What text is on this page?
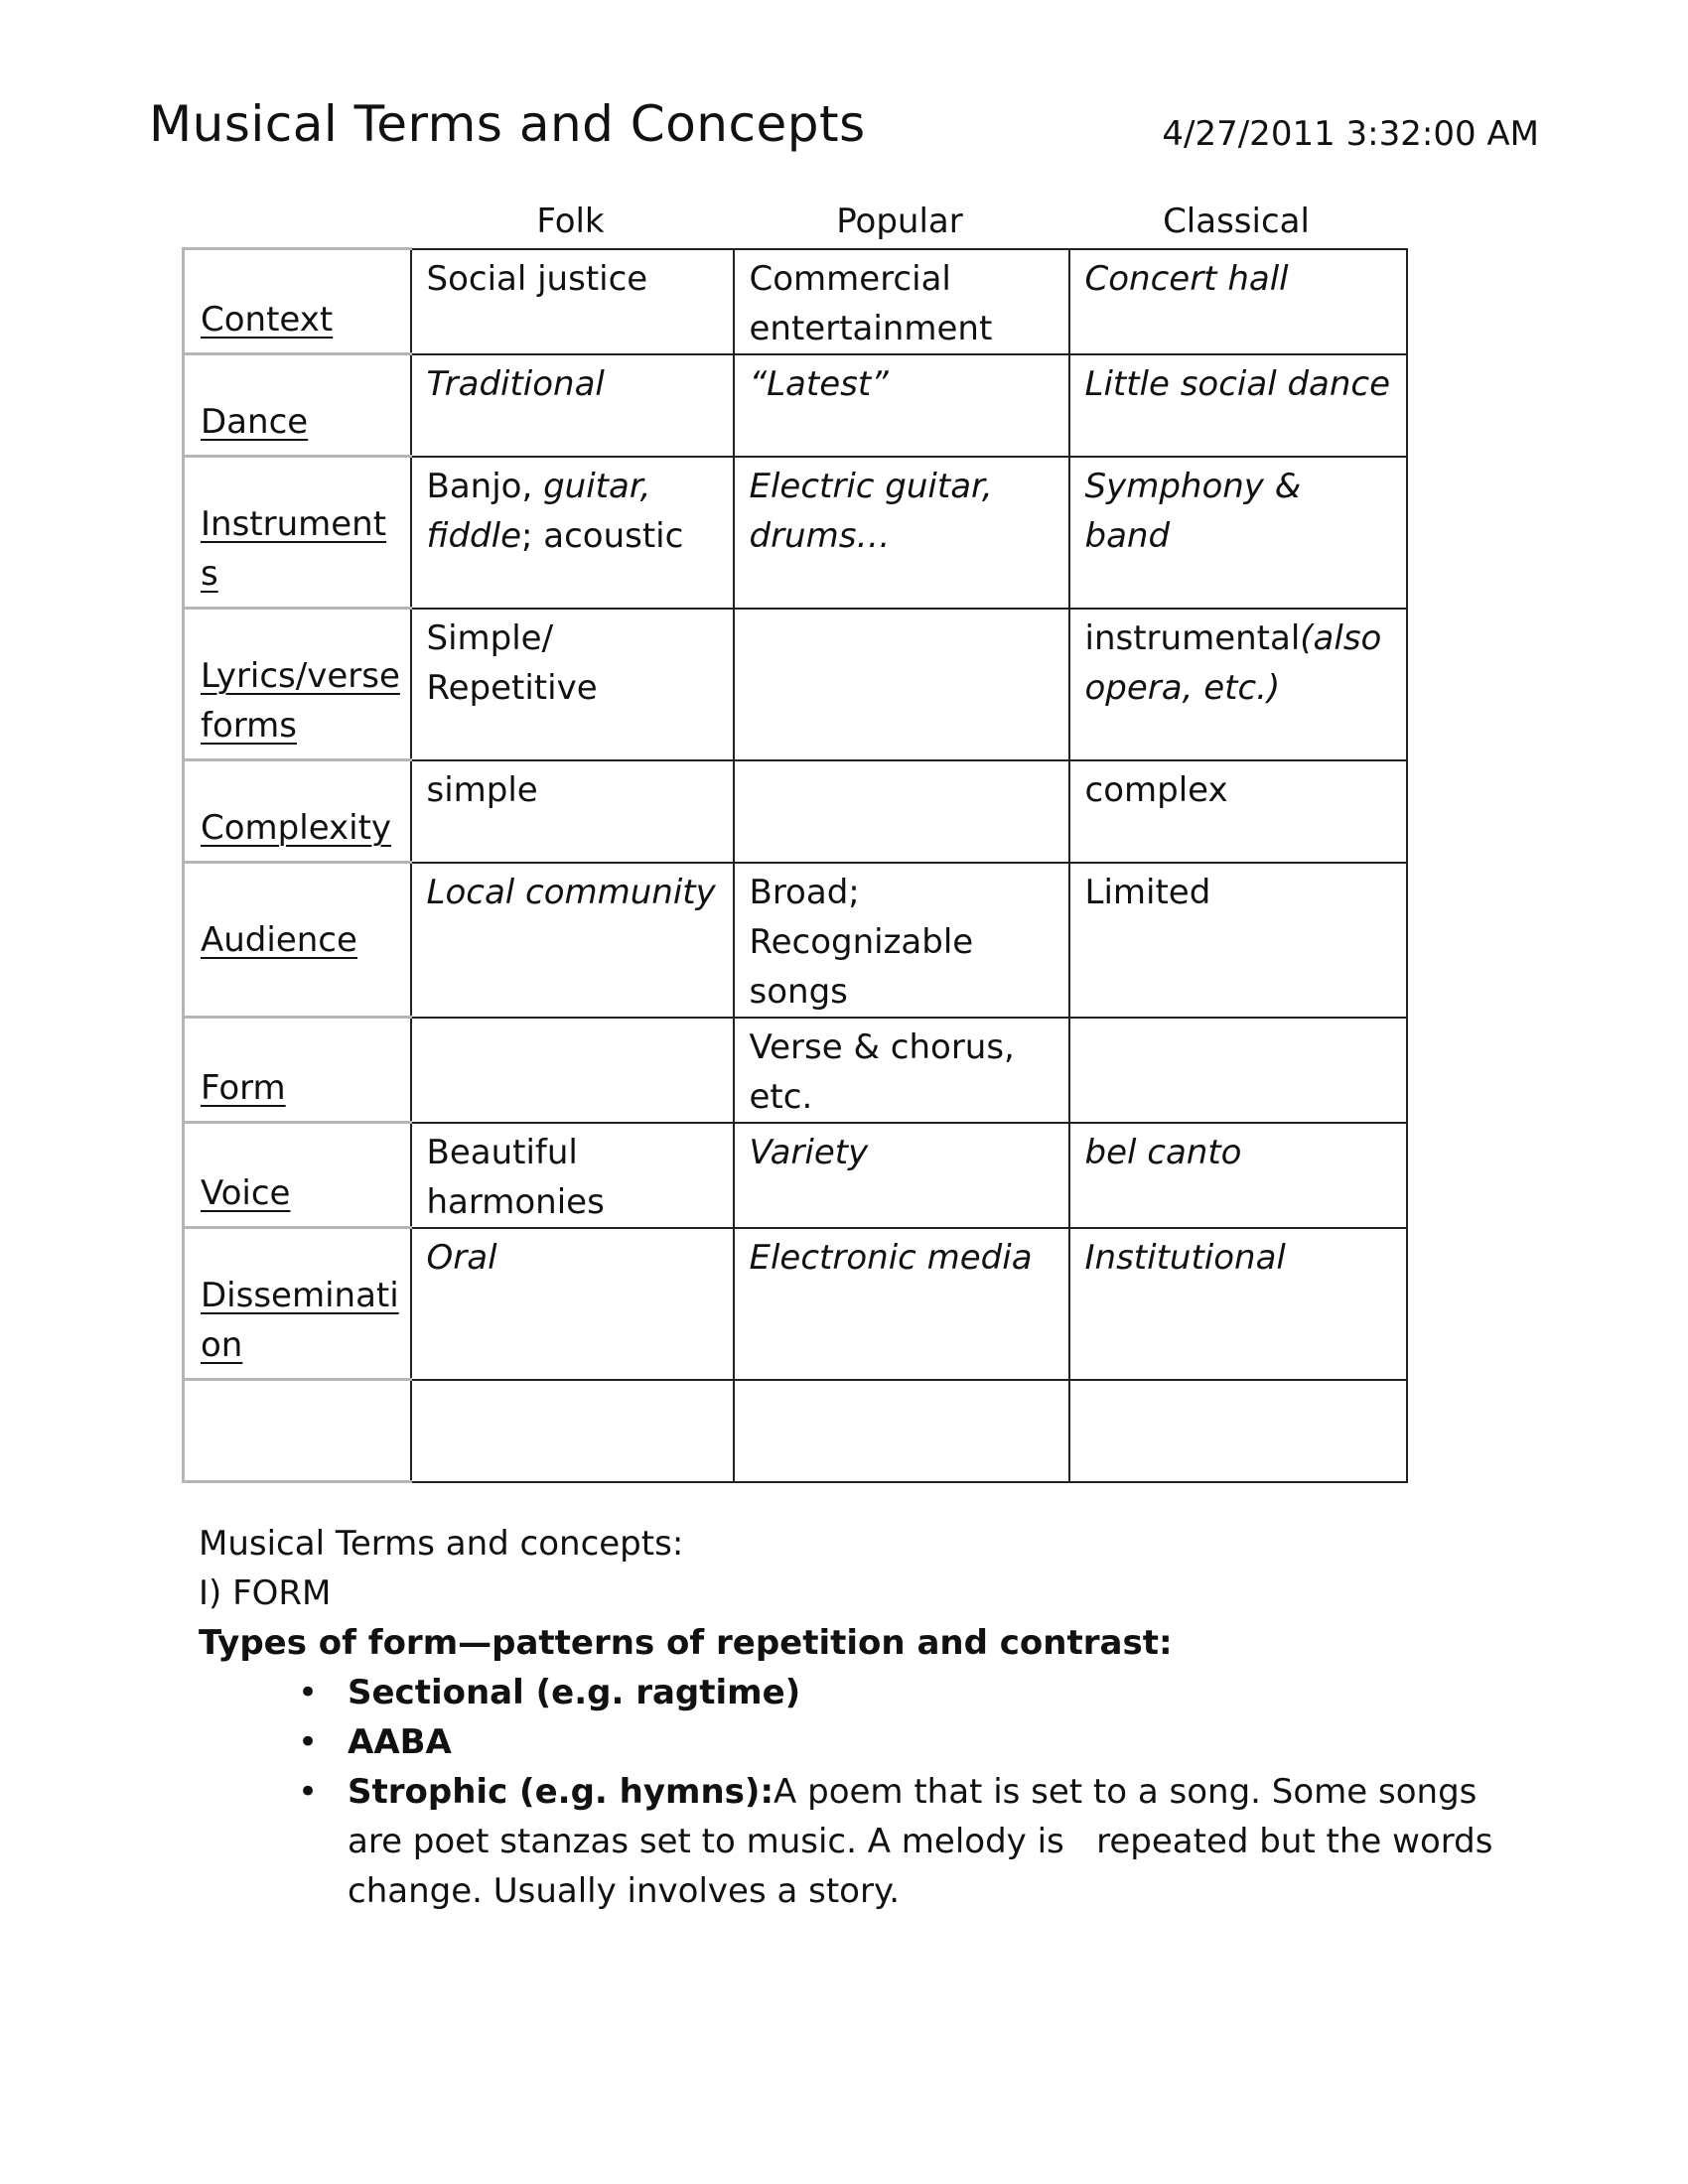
Musical Terms and Concepts	4/27/2011 3:32:00 AM
Folk	Popular	Classical
Context	Social justice	Commercial entertainment	Concert hall
Dance	Traditional	“Latest”	Little social dance
Instruments	Banjo, guitar, fiddle; acoustic	Electric guitar, drums…	Symphony & band
Lyrics/verse forms	Simple/ Repetitive		instrumental(also opera, etc.)
Complexity	simple		complex
Audience	Local community	Broad; Recognizable songs	Limited
Form		Verse & chorus, etc.	
Voice	Beautiful harmonies	Variety	bel canto
Dissemination	Oral	Electronic media	Institutional

Musical Terms and concepts:
I) FORM
Types of form—patterns of repetition and contrast:
• Sectional (e.g. ragtime)
• AABA
• Strophic (e.g. hymns):A poem that is set to a song. Some songs are poet stanzas set to music. A melody is   repeated but the words change. Usually involves a story.
